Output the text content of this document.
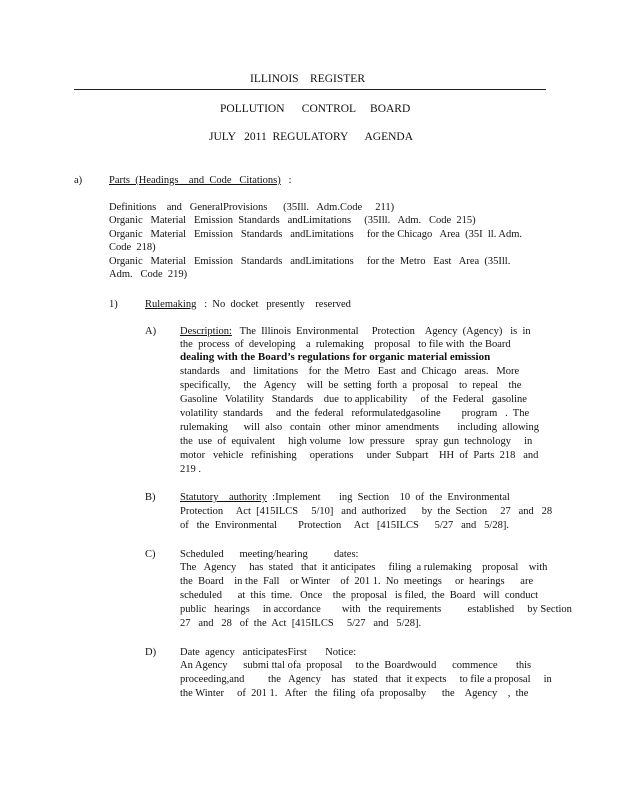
ILLINOIS    REGISTER
POLLUTION      CONTROL     BOARD
JULY   2011  REGULATORY      AGENDA
a)	Parts  (Headings    and  Code   Citations)   :
Definitions    and   GeneralProvisions      (35Ill.   Adm.Code     211)
Organic   Material   Emission  Standards   andLimitations     (35Ill.   Adm.   Code  215)
Organic   Material   Emission   Standards   andLimitations     for the Chicago   Area  (35I  ll. Adm.
Code  218)
Organic   Material   Emission   Standards   andLimitations     for the  Metro   East   Area  (35Ill.
Adm.   Code  219)
1)	Rulemaking   :  No  docket   presently    reserved
A) Description:   The  Illinois  Environmental     Protection    Agency  (Agency)   is  in
the  process  of  developing    a  rulemaking    proposal   to file with  the Board
dealing with the Board’s regulations for organic material emission
standards    and   limitations    for  the  Metro   East  and  Chicago   areas.   More
specifically,     the   Agency    will  be  setting  forth  a  proposal    to  repeal    the
Gasoline   Volatility   Standards    due  to applicability     of  the  Federal   gasoline
volatility  standards     and  the  federal   reformulatedgasoline        program   .  The
rulemaking      will  also   contain   other  minor  amendments       including  allowing
the  use  of  equivalent     high volume   low  pressure    spray  gun  technology     in
motor   vehicle   refinishing     operations     under  Subpart    HH  of  Parts  218   and
219 .
B) Statutory    authority  :Implement       ing  Section    10  of  the  Environmental
Protection     Act  [415ILCS     5/10]   and  authorized      by  the  Section     27   and   28
of   the  Environmental        Protection     Act   [415ILCS      5/27   and   5/28].
C) Scheduled      meeting/hearing          dates:
The   Agency     has  stated   that  it anticipates     filing  a rulemaking    proposal    with
the  Board    in the  Fall    or Winter    of  201 1.  No  meetings     or  hearings      are
scheduled      at  this  time.   Once    the  proposal   is filed,  the  Board   will  conduct
public   hearings     in accordance        with   the  requirements          established     by Section
27   and   28   of  the  Act  [415ILCS     5/27   and   5/28].
D) Date  agency   anticipatesFirst       Notice:
An Agency      submi ttal ofa  proposal     to the  Boardwould      commence       this
proceeding,and         the   Agency    has   stated   that  it expects     to file a proposal     in
the Winter     of  201 1.   After   the  filing  ofa  proposalby      the    Agency    ,  the
